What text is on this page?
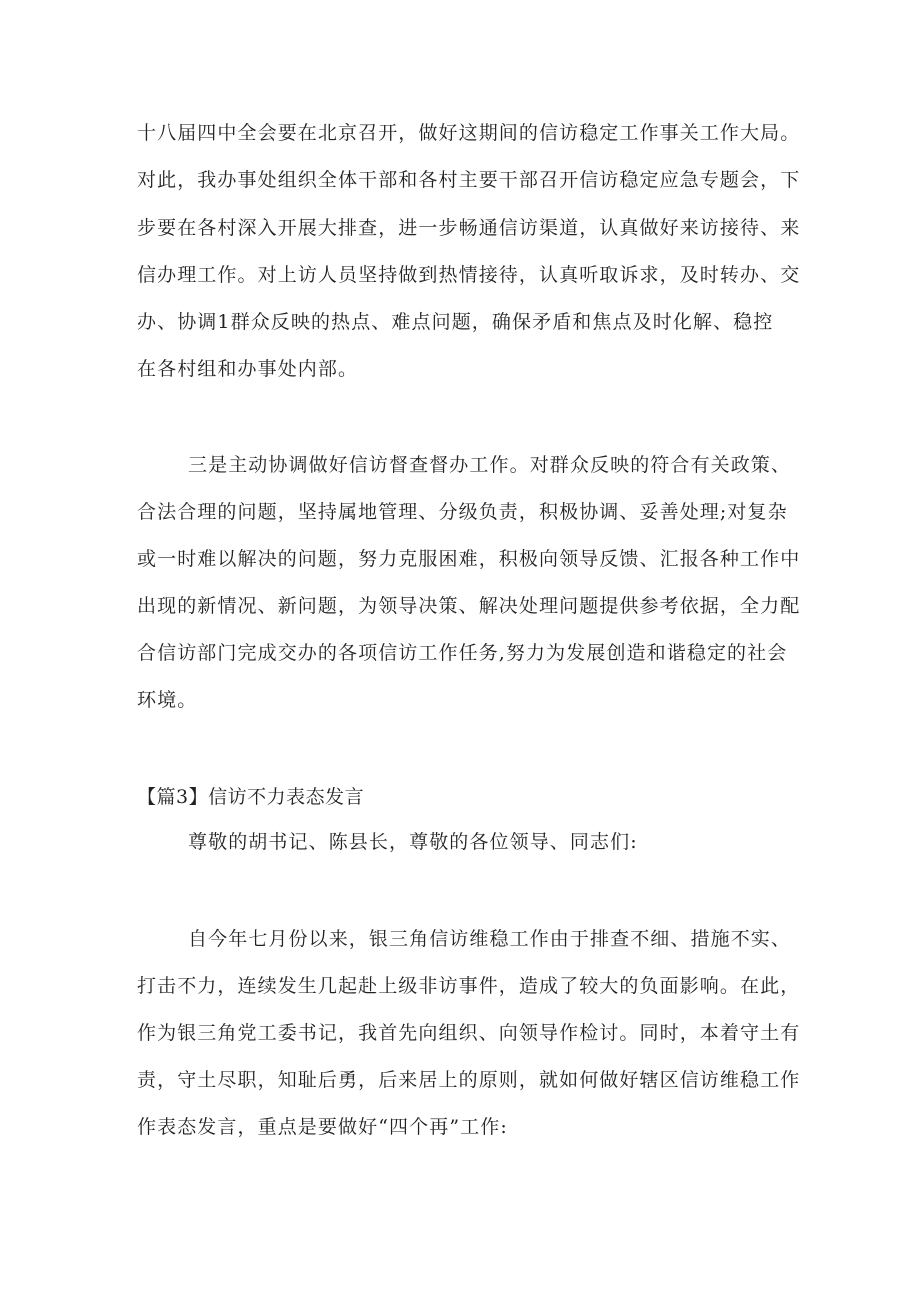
十八届四中全会要在北京召开，做好这期间的信访稳定工作事关工作大局。
对此，我办事处组织全体干部和各村主要干部召开信访稳定应急专题会，下
步要在各村深入开展大排查，进一步畅通信访渠道，认真做好来访接待、来
信办理工作。对上访人员坚持做到热情接待，认真听取诉求，及时转办、交
办、协调1群众反映的热点、难点问题，确保矛盾和焦点及时化解、稳控
在各村组和办事处内部。
三是主动协调做好信访督查督办工作。对群众反映的符合有关政策、
合法合理的问题，坚持属地管理、分级负责，积极协调、妥善处理;对复杂
或一时难以解决的问题，努力克服困难，积极向领导反馈、汇报各种工作中
出现的新情况、新问题，为领导决策、解决处理问题提供参考依据，全力配
合信访部门完成交办的各项信访工作任务,努力为发展创造和谐稳定的社会
环境。
【篇3】信访不力表态发言
尊敬的胡书记、陈县长，尊敬的各位领导、同志们:
自今年七月份以来，银三角信访维稳工作由于排查不细、措施不实、
打击不力，连续发生几起赴上级非访事件，造成了较大的负面影响。在此，
作为银三角党工委书记，我首先向组织、向领导作检讨。同时，本着守土有
责，守土尽职，知耻后勇，后来居上的原则，就如何做好辖区信访维稳工作
作表态发言，重点是要做好“四个再”工作:
